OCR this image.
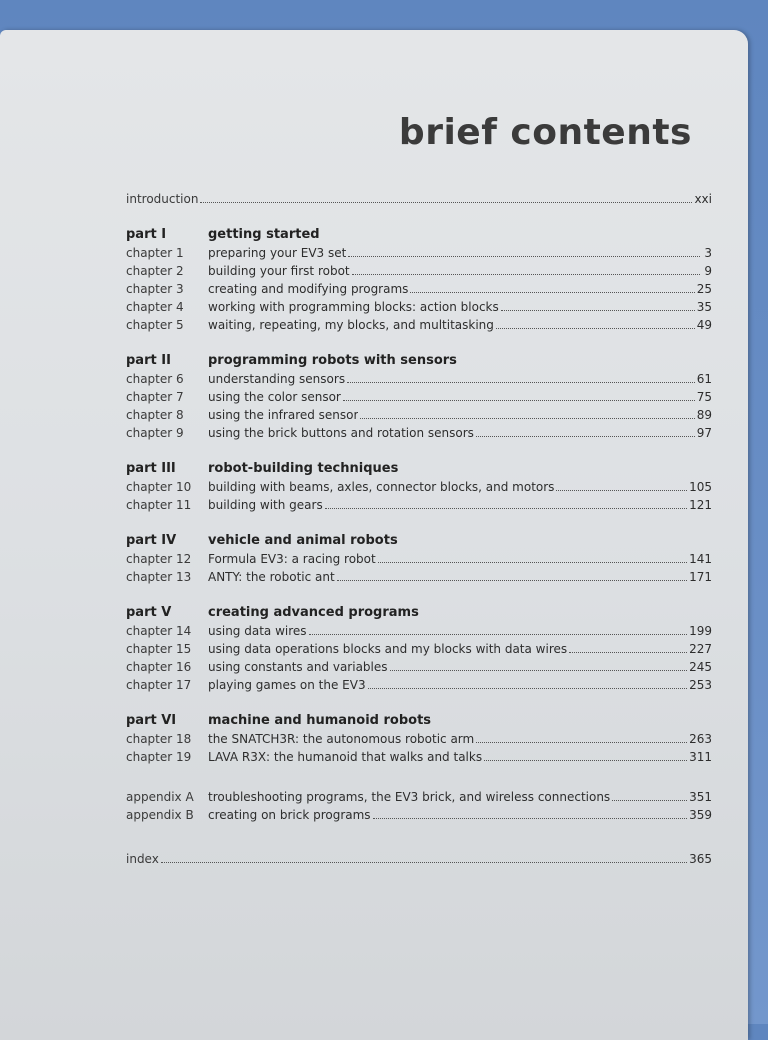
brief contents
introduction	xxi
part I	getting started
chapter 1	preparing your EV3 set	3
chapter 2	building your first robot	9
chapter 3	creating and modifying programs	25
chapter 4	working with programming blocks: action blocks	35
chapter 5	waiting, repeating, my blocks, and multitasking	49
part II	programming robots with sensors
chapter 6	understanding sensors	61
chapter 7	using the color sensor	75
chapter 8	using the infrared sensor	89
chapter 9	using the brick buttons and rotation sensors	97
part III	robot-building techniques
chapter 10	building with beams, axles, connector blocks, and motors	105
chapter 11	building with gears	121
part IV	vehicle and animal robots
chapter 12	Formula EV3: a racing robot	141
chapter 13	ANTY: the robotic ant	171
part V	creating advanced programs
chapter 14	using data wires	199
chapter 15	using data operations blocks and my blocks with data wires	227
chapter 16	using constants and variables	245
chapter 17	playing games on the EV3	253
part VI	machine and humanoid robots
chapter 18	the SNATCH3R: the autonomous robotic arm	263
chapter 19	LAVA R3X: the humanoid that walks and talks	311
appendix A	troubleshooting programs, the EV3 brick, and wireless connections	351
appendix B	creating on brick programs	359
index	365
